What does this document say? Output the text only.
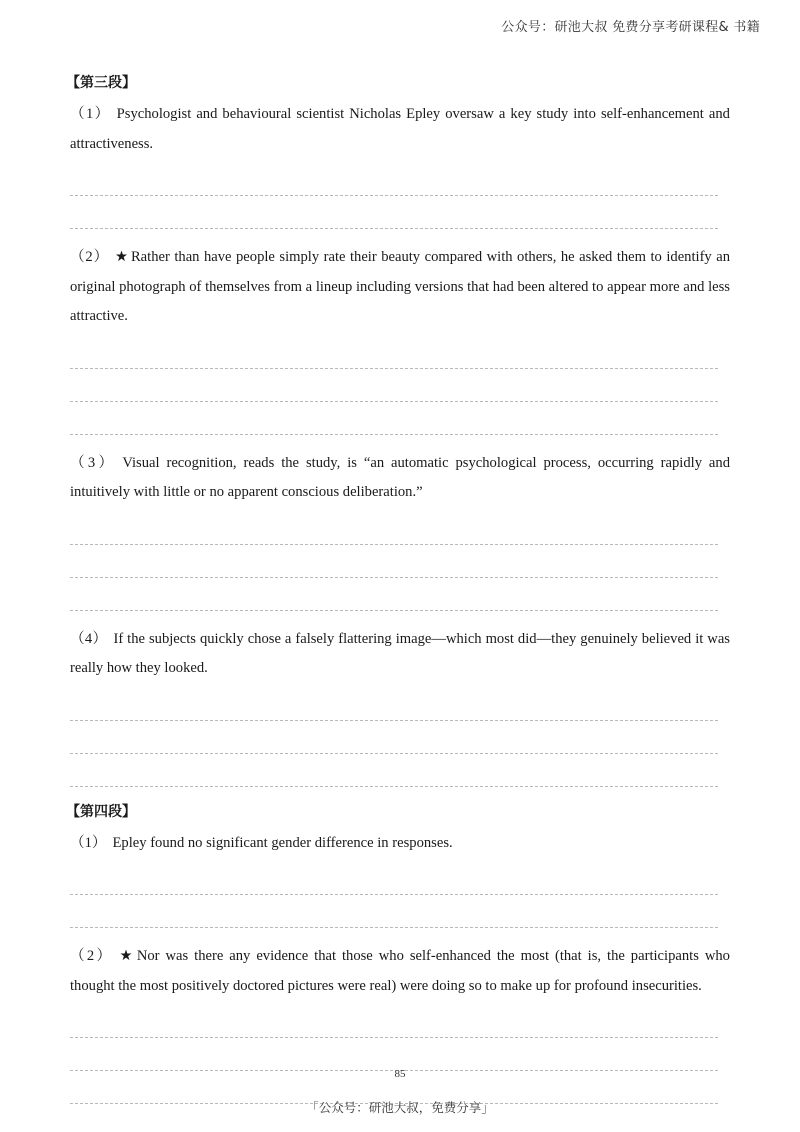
公众号：研池大叔 免费分享考研课程& 书籍
【第三段】
（1） Psychologist and behavioural scientist Nicholas Epley oversaw a key study into self-enhancement and attractiveness.
（2） ★ Rather than have people simply rate their beauty compared with others, he asked them to identify an original photograph of themselves from a lineup including versions that had been altered to appear more and less attractive.
（3） Visual recognition, reads the study, is “an automatic psychological process, occurring rapidly and intuitively with little or no apparent conscious deliberation.”
（4） If the subjects quickly chose a falsely flattering image—which most did—they genuinely believed it was really how they looked.
【第四段】
（1） Epley found no significant gender difference in responses.
（2） ★ Nor was there any evidence that those who self-enhanced the most (that is, the participants who thought the most positively doctored pictures were real) were doing so to make up for profound insecurities.
85
「公众号：研池大叔，免费分享」
